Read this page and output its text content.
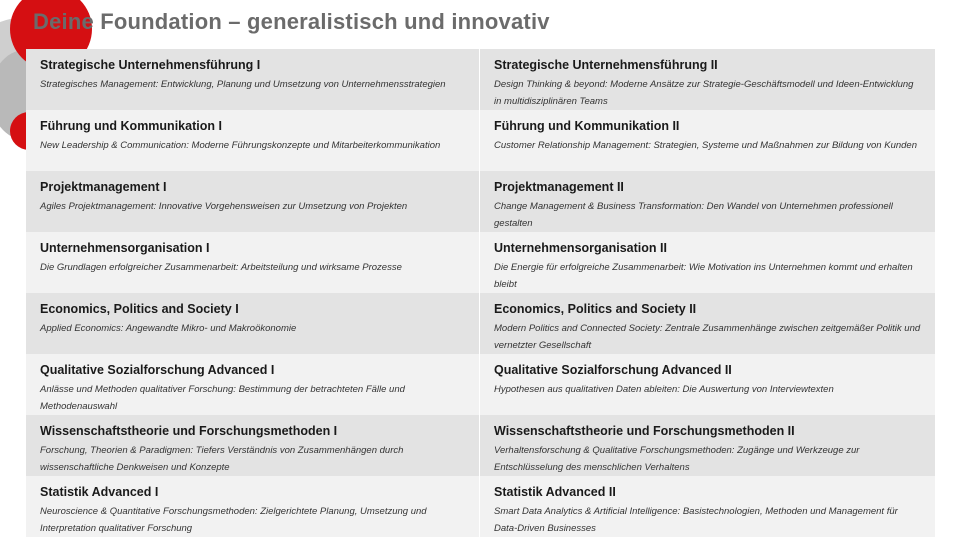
Deine Foundation – generalistisch und innovativ
Strategische Unternehmensführung I
Strategisches Management: Entwicklung, Planung und Umsetzung von Unternehmensstrategien
Strategische Unternehmensführung II
Design Thinking & beyond: Moderne Ansätze zur Strategie-Geschäftsmodell und Ideen-Entwicklung in multidisziplinären Teams
Führung und Kommunikation I
New Leadership & Communication: Moderne Führungskonzepte und Mitarbeiterkommunikation
Führung und Kommunikation II
Customer Relationship Management: Strategien, Systeme und Maßnahmen zur Bildung von Kunden
Projektmanagement I
Agiles Projektmanagement: Innovative Vorgehensweisen zur Umsetzung von Projekten
Projektmanagement II
Change Management & Business Transformation: Den Wandel von Unternehmen professionell gestalten
Unternehmensorganisation I
Die Grundlagen erfolgreicher Zusammenarbeit: Arbeitsteilung und wirksame Prozesse
Unternehmensorganisation II
Die Energie für erfolgreiche Zusammenarbeit: Wie Motivation ins Unternehmen kommt und erhalten bleibt
Economics, Politics and Society I
Applied Economics: Angewandte Mikro- und Makroökonomie
Economics, Politics and Society II
Modern Politics and Connected Society: Zentrale Zusammenhänge zwischen zeitgemäßer Politik und vernetzter Gesellschaft
Qualitative Sozialforschung Advanced I
Anlässe und Methoden qualitativer Forschung: Bestimmung der betrachteten Fälle und Methodenauswahl
Qualitative Sozialforschung Advanced II
Hypothesen aus qualitativen Daten ableiten: Die Auswertung von Interviewtexten
Wissenschaftstheorie und Forschungsmethoden I
Forschung, Theorien & Paradigmen: Tiefers Verständnis von Zusammenhängen durch wissenschaftliche Denkweisen und Konzepte
Wissenschaftstheorie und Forschungsmethoden II
Verhaltensforschung & Qualitative Forschungsmethoden: Zugänge und Werkzeuge zur Entschlüsselung des menschlichen Verhaltens
Statistik Advanced I
Neuroscience & Quantitative Forschungsmethoden: Zielgerichtete Planung, Umsetzung und Interpretation qualitativer Forschung
Statistik Advanced II
Smart Data Analytics & Artificial Intelligence: Basistechnologien, Methoden und Management für Data-Driven Businesses
